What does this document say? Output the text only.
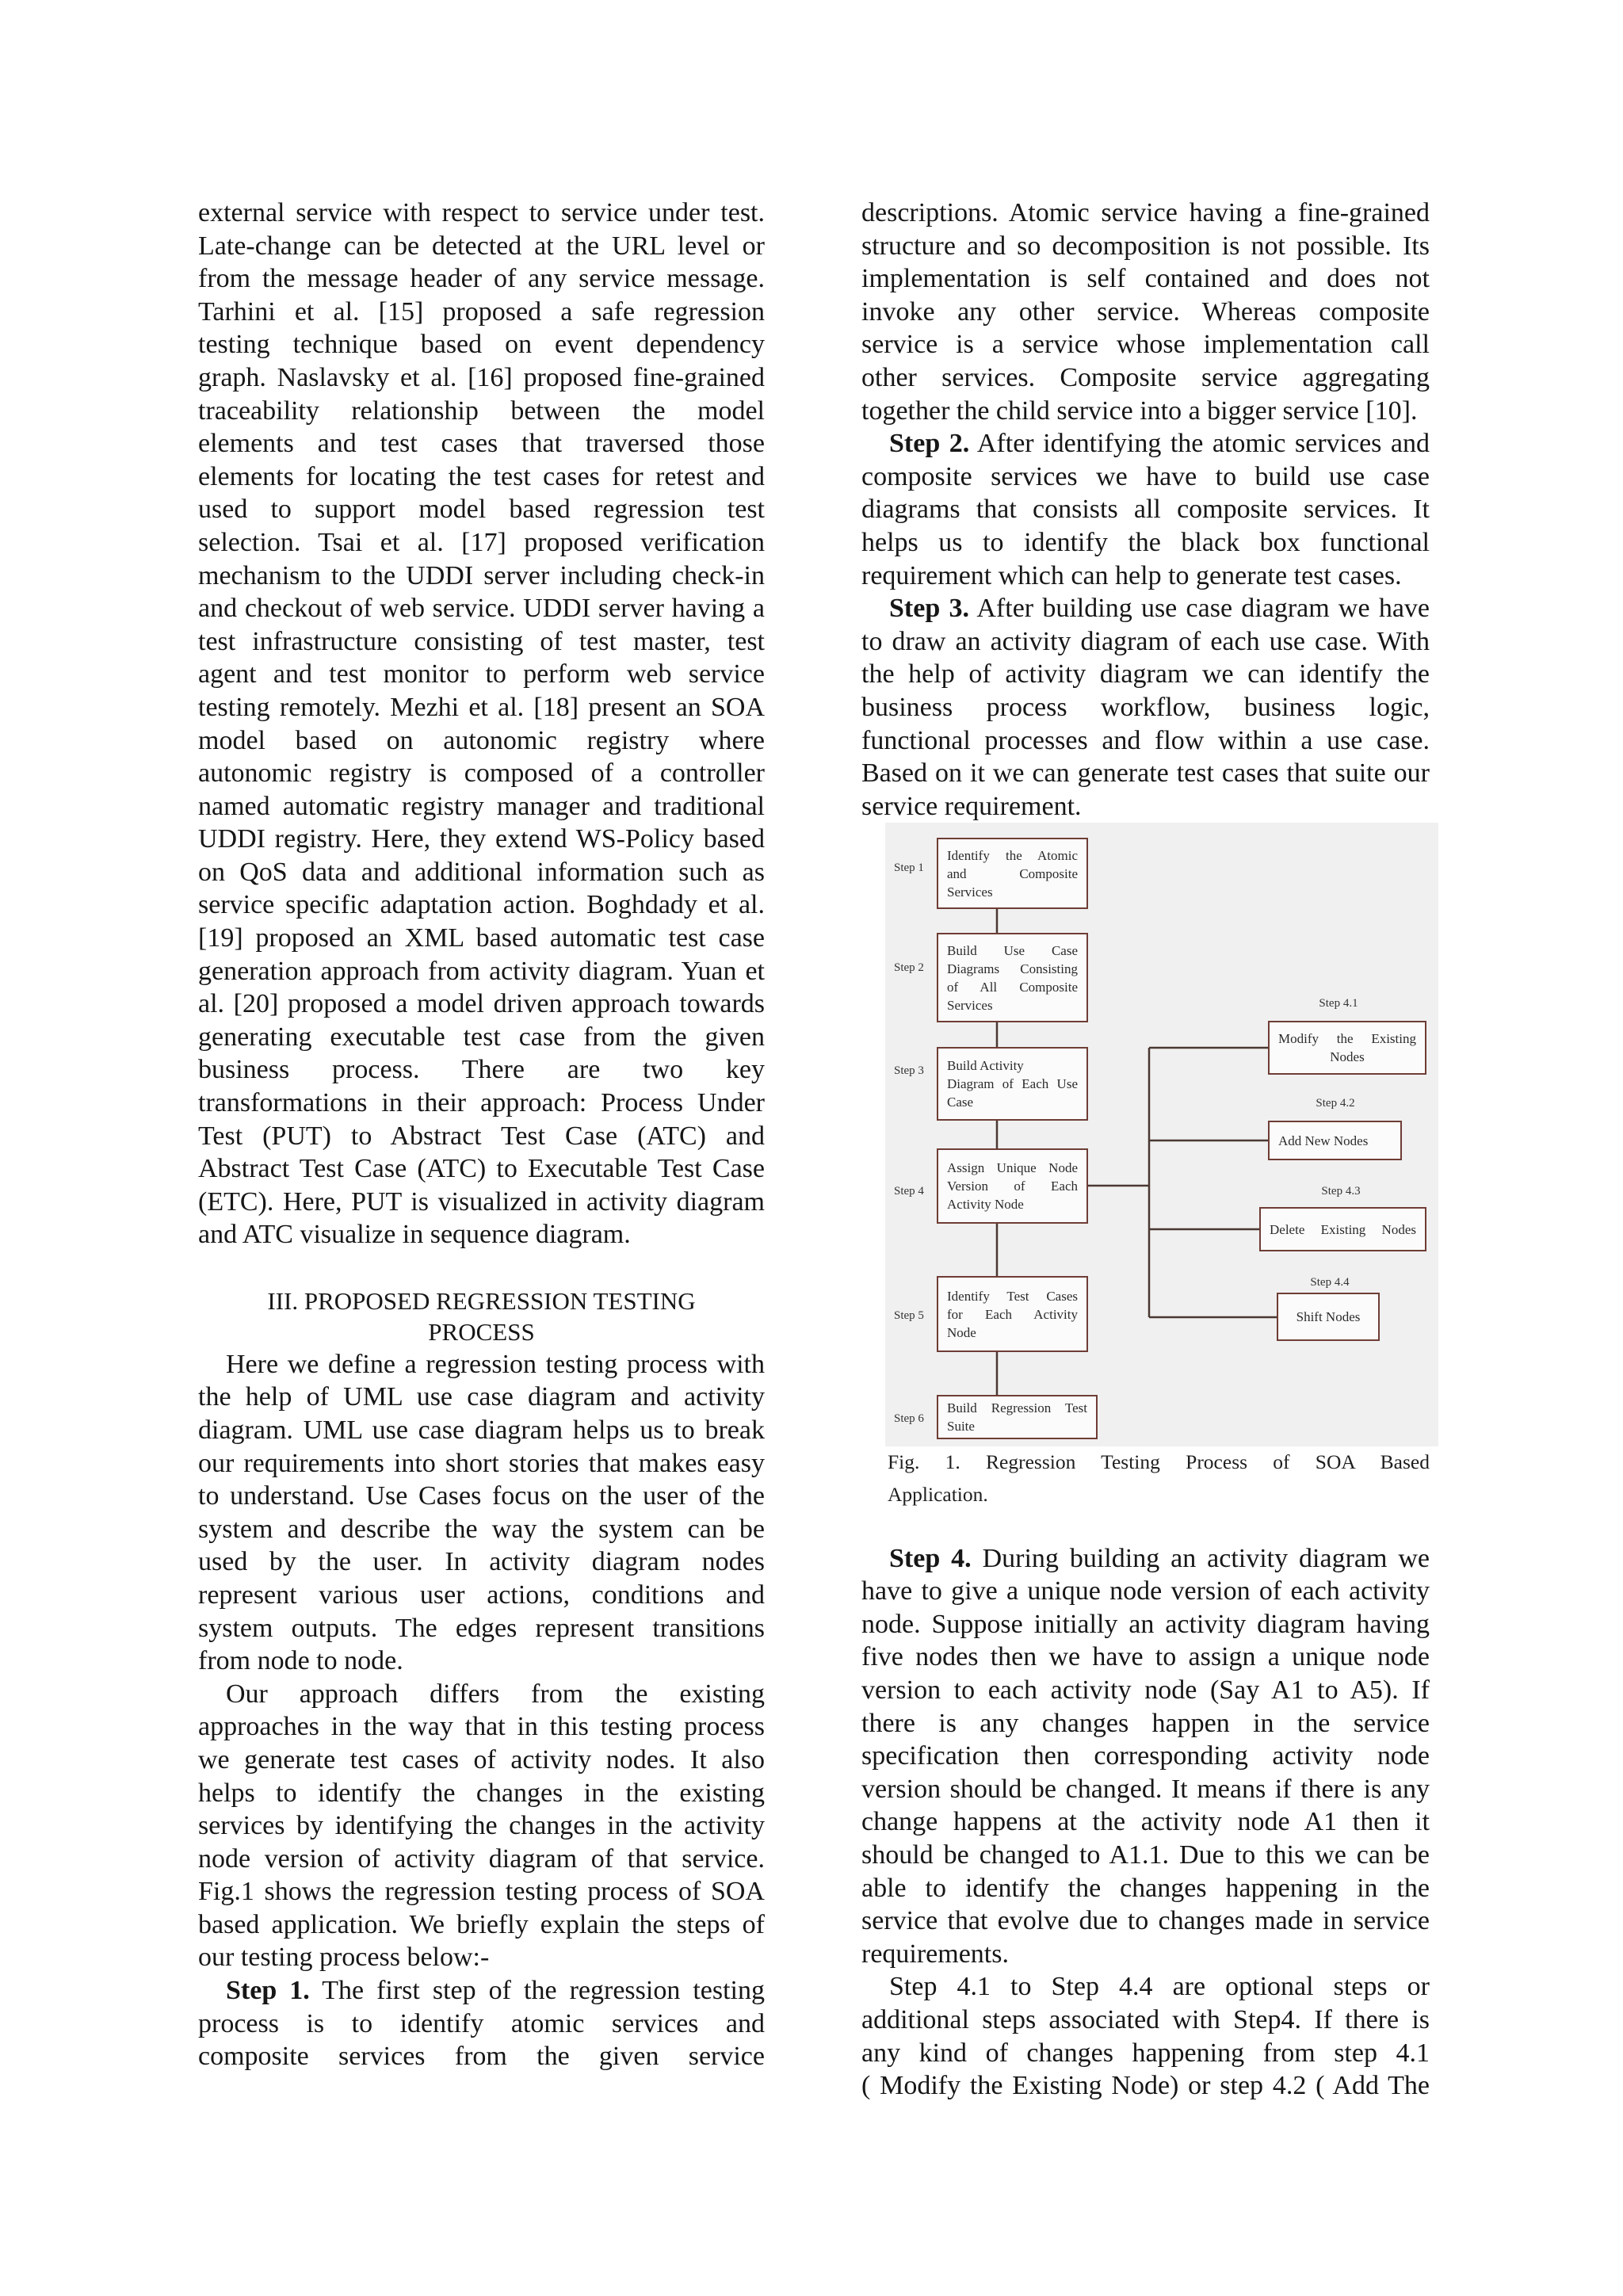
external service with respect to service under test.
Late-change can be detected at the URL level or
from the message header of any service message.
Tarhini et al. [15] proposed a safe regression
testing technique based on event dependency
graph. Naslavsky et al. [16] proposed fine-grained
traceability relationship between the model
elements and test cases that traversed those
elements for locating the test cases for retest and
used to support model based regression test
selection. Tsai et al. [17] proposed verification
mechanism to the UDDI server including check-in
and checkout of web service. UDDI server having a
test infrastructure consisting of test master, test
agent and test monitor to perform web service
testing remotely. Mezhi et al. [18] present an SOA
model based on autonomic registry where
autonomic registry is composed of a controller
named automatic registry manager and traditional
UDDI registry. Here, they extend WS-Policy based
on QoS data and additional information such as
service specific adaptation action. Boghdady et al.
[19] proposed an XML based automatic test case
generation approach from activity diagram. Yuan et
al. [20] proposed a model driven approach towards
generating executable test case from the given
business process. There are two key
transformations in their approach: Process Under
Test (PUT) to Abstract Test Case (ATC) and
Abstract Test Case (ATC) to Executable Test Case
(ETC). Here, PUT is visualized in activity diagram
and ATC visualize in sequence diagram.
III. PROPOSED REGRESSION TESTING
PROCESS
Here we define a regression testing process with
the help of UML use case diagram and activity
diagram. UML use case diagram helps us to break
our requirements into short stories that makes easy
to understand. Use Cases focus on the user of the
system and describe the way the system can be
used by the user. In activity diagram nodes
represent various user actions, conditions and
system outputs. The edges represent transitions
from node to node.
Our approach differs from the existing
approaches in the way that in this testing process
we generate test cases of activity nodes. It also
helps to identify the changes in the existing
services by identifying the changes in the activity
node version of activity diagram of that service.
Fig.1 shows the regression testing process of SOA
based application. We briefly explain the steps of
our testing process below:-
Step 1. The first step of the regression testing
process is to identify atomic services and
composite services from the given service
descriptions. Atomic service having a fine-grained
structure and so decomposition is not possible. Its
implementation is self contained and does not
invoke any other service. Whereas composite
service is a service whose implementation call
other services. Composite service aggregating
together the child service into a bigger service [10].
Step 2. After identifying the atomic services and
composite services we have to build use case
diagrams that consists all composite services. It
helps us to identify the black box functional
requirement which can help to generate test cases.
Step 3. After building use case diagram we have
to draw an activity diagram of each use case. With
the help of activity diagram we can identify the
business process workflow, business logic,
functional processes and flow within a use case.
Based on it we can generate test cases that suite our
service requirement.
Step 1
Step 2
Step 3
Step 4
Step 5
Step 6
Identify the Atomic
and Composite
Services
Build Use Case
Diagrams Consisting
of All Composite
Services
Build Activity
Diagram of Each Use
Case
Assign Unique Node
Version of Each
Activity Node
Identify Test Cases
for Each Activity
Node
Build Regression Test
Suite
Step 4.1
Step 4.2
Step 4.3
Step 4.4
Modify the Existing
Nodes
Add New Nodes
Delete Existing Nodes
Shift Nodes
Fig. 1. Regression Testing Process of SOA Based
Application.
Step 4. During building an activity diagram we
have to give a unique node version of each activity
node. Suppose initially an activity diagram having
five nodes then we have to assign a unique node
version to each activity node (Say A1 to A5). If
there is any changes happen in the service
specification then corresponding activity node
version should be changed. It means if there is any
change happens at the activity node A1 then it
should be changed to A1.1. Due to this we can be
able to identify the changes happening in the
service that evolve due to changes made in service
requirements.
Step 4.1 to Step 4.4 are optional steps or
additional steps associated with Step4. If there is
any kind of changes happening from step 4.1
( Modify the Existing Node) or step 4.2 ( Add The
